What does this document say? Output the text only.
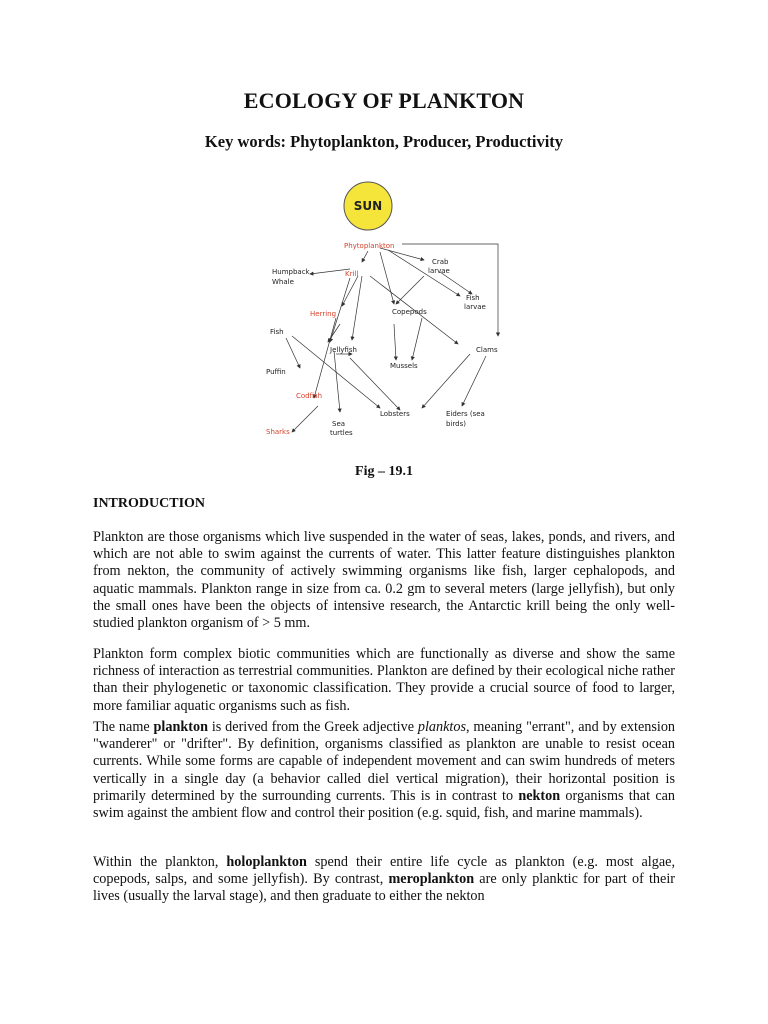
ECOLOGY OF PLANKTON
Key words: Phytoplankton, Producer, Productivity
SUN
Phytoplankton
Crab
larvae
Humpback
Whale
Krill
Fish
larvae
Herring	Copepods
Fish
Jellyfish	Clams
Mussels
Puffin
Codfish
Lobsters	Eiders (sea
birds)
Sharks
Sea
turtles
Fig – 19.1
INTRODUCTION

Plankton are those organisms which live suspended in the water of seas, lakes, ponds, and rivers, and which are not able to swim against the currents of water. This latter feature distinguishes plankton from nekton, the community of actively swimming organisms like fish, larger cephalopods, and aquatic mammals. Plankton range in size from ca. 0.2 gm to several meters (large jellyfish), but only the small ones have been the objects of intensive research, the Antarctic krill being the only well-studied plankton organism of > 5 mm.

Plankton form complex biotic communities which are functionally as diverse and show the same richness of interaction as terrestrial communities. Plankton are defined by their ecological niche rather than their phylogenetic or taxonomic classification. They provide a crucial source of food to larger, more familiar aquatic organisms such as fish.

The name plankton is derived from the Greek adjective planktos, meaning "errant", and by extension "wanderer" or "drifter". By definition, organisms classified as plankton are unable to resist ocean currents. While some forms are capable of independent movement and can swim hundreds of meters vertically in a single day (a behavior called diel vertical migration), their horizontal position is primarily determined by the surrounding currents. This is in contrast to nekton organisms that can swim against the ambient flow and control their position (e.g. squid, fish, and marine mammals).

Within the plankton, holoplankton spend their entire life cycle as plankton (e.g. most algae, copepods, salps, and some jellyfish). By contrast, meroplankton are only planktic for part of their lives (usually the larval stage), and then graduate to either the nekton
